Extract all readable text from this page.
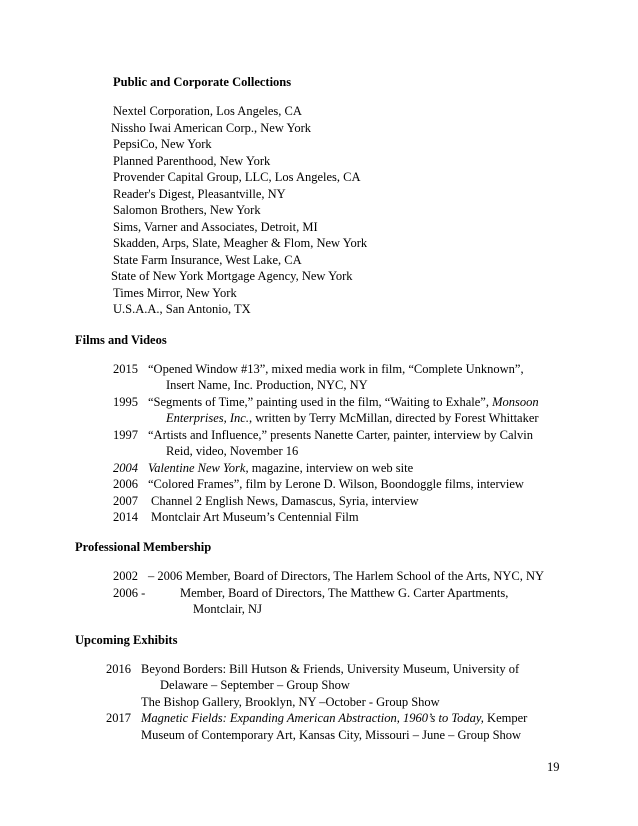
Public and Corporate Collections
Nextel Corporation, Los Angeles, CA
Nissho Iwai American Corp., New York
PepsiCo, New York
Planned Parenthood, New York
Provender Capital Group, LLC, Los Angeles, CA
Reader's Digest, Pleasantville, NY
Salomon Brothers, New York
Sims, Varner and Associates, Detroit, MI
Skadden, Arps, Slate, Meagher & Flom, New York
State Farm Insurance, West Lake, CA
State of New York Mortgage Agency, New York
Times Mirror, New York
U.S.A.A., San Antonio, TX
Films and Videos
2015 “Opened Window #13”, mixed media work in film, “Complete Unknown”,
Insert Name, Inc. Production, NYC, NY
1995 “Segments of Time,” painting used in the film, “Waiting to Exhale”, Monsoon
Enterprises, Inc., written by Terry McMillan, directed by Forest Whittaker
1997 “Artists and Influence,” presents Nanette Carter, painter, interview by Calvin
Reid, video, November 16
2004 Valentine New York, magazine, interview on web site
2006 “Colored Frames”, film by Lerone D. Wilson, Boondoggle films, interview
2007 Channel 2 English News, Damascus, Syria, interview
2014 Montclair Art Museum’s Centennial Film
Professional Membership
2002 – 2006 Member, Board of Directors, The Harlem School of the Arts, NYC, NY
2006 -	Member, Board of Directors, The Matthew G. Carter Apartments,
Montclair, NJ
Upcoming Exhibits
2016 Beyond Borders: Bill Hutson & Friends, University Museum, University of
Delaware – September – Group Show
The Bishop Gallery, Brooklyn, NY –October - Group Show
2017 Magnetic Fields: Expanding American Abstraction, 1960’s to Today, Kemper
Museum of Contemporary Art, Kansas City, Missouri – June – Group Show
19
